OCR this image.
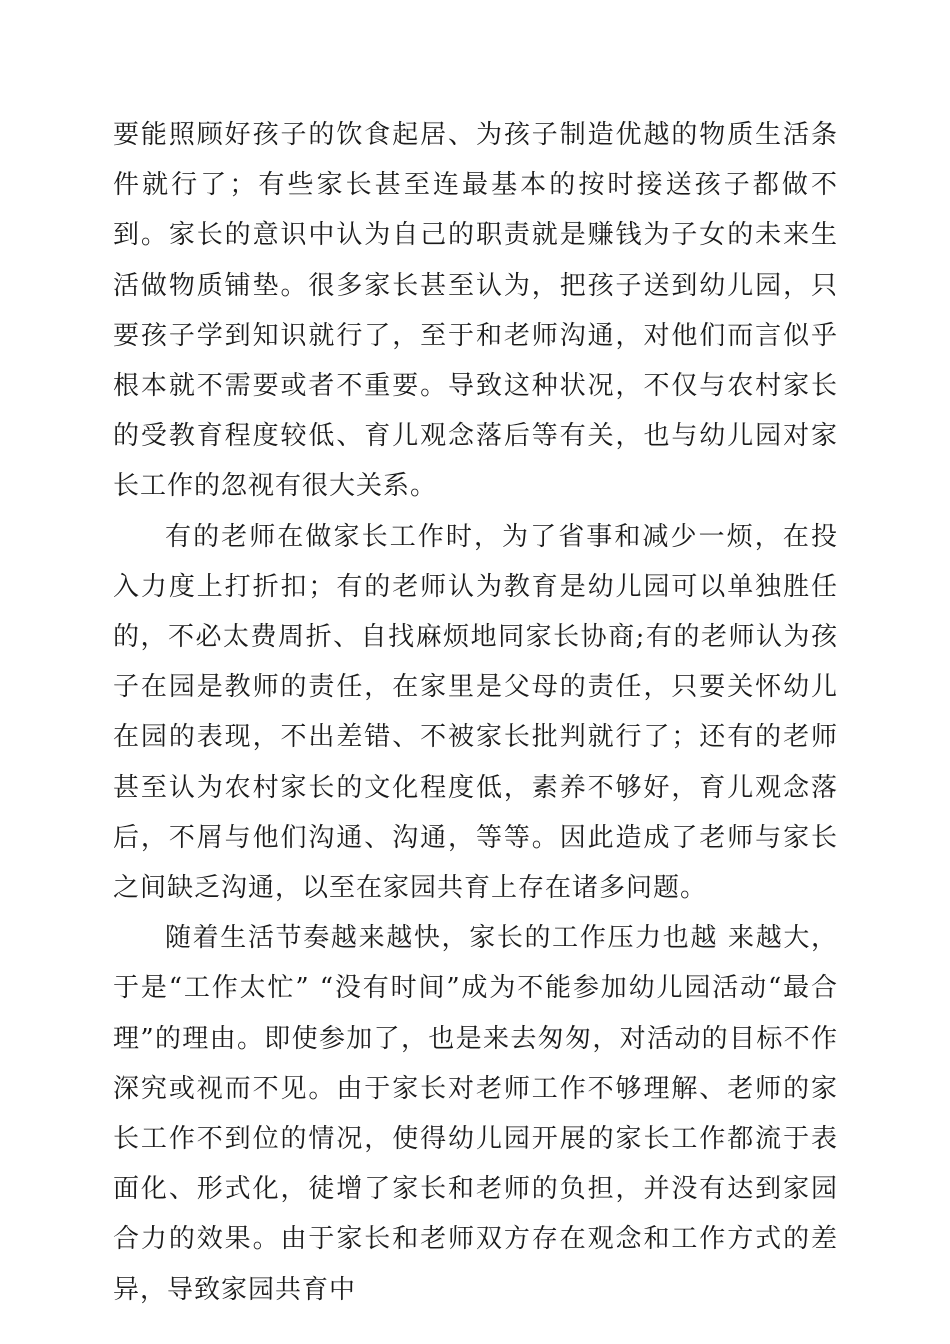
要能照顾好孩子的饮食起居、为孩子制造优越的物质生活条件就行了；有些家长甚至连最基本的按时接送孩子都做不到。家长的意识中认为自己的职责就是赚钱为子女的未来生活做物质铺垫。很多家长甚至认为，把孩子送到幼儿园，只要孩子学到知识就行了，至于和老师沟通，对他们而言似乎根本就不需要或者不重要。导致这种状况，不仅与农村家长的受教育程度较低、育儿观念落后等有关，也与幼儿园对家长工作的忽视有很大关系。

有的老师在做家长工作时，为了省事和减少一烦，在投入力度上打折扣；有的老师认为教育是幼儿园可以单独胜任的，不必太费周折、自找麻烦地同家长协商;有的老师认为孩子在园是教师的责任，在家里是父母的责任，只要关怀幼儿在园的表现，不出差错、不被家长批判就行了；还有的老师甚至认为农村家长的文化程度低，素养不够好，育儿观念落后，不屑与他们沟通、沟通，等等。因此造成了老师与家长之间缺乏沟通，以至在家园共育上存在诸多问题。

随着生活节奏越来越快，家长的工作压力也越 来越大，于是“工作太忙” “没有时间”成为不能参加幼儿园活动“最合理”的理由。即使参加了，也是来去匆匆，对活动的目标不作深究或视而不见。由于家长对老师工作不够理解、老师的家长工作不到位的情况，使得幼儿园开展的家长工作都流于表面化、形式化，徒增了家长和老师的负担，并没有达到家园合力的效果。由于家长和老师双方存在观念和工作方式的差异，导致家园共育中
